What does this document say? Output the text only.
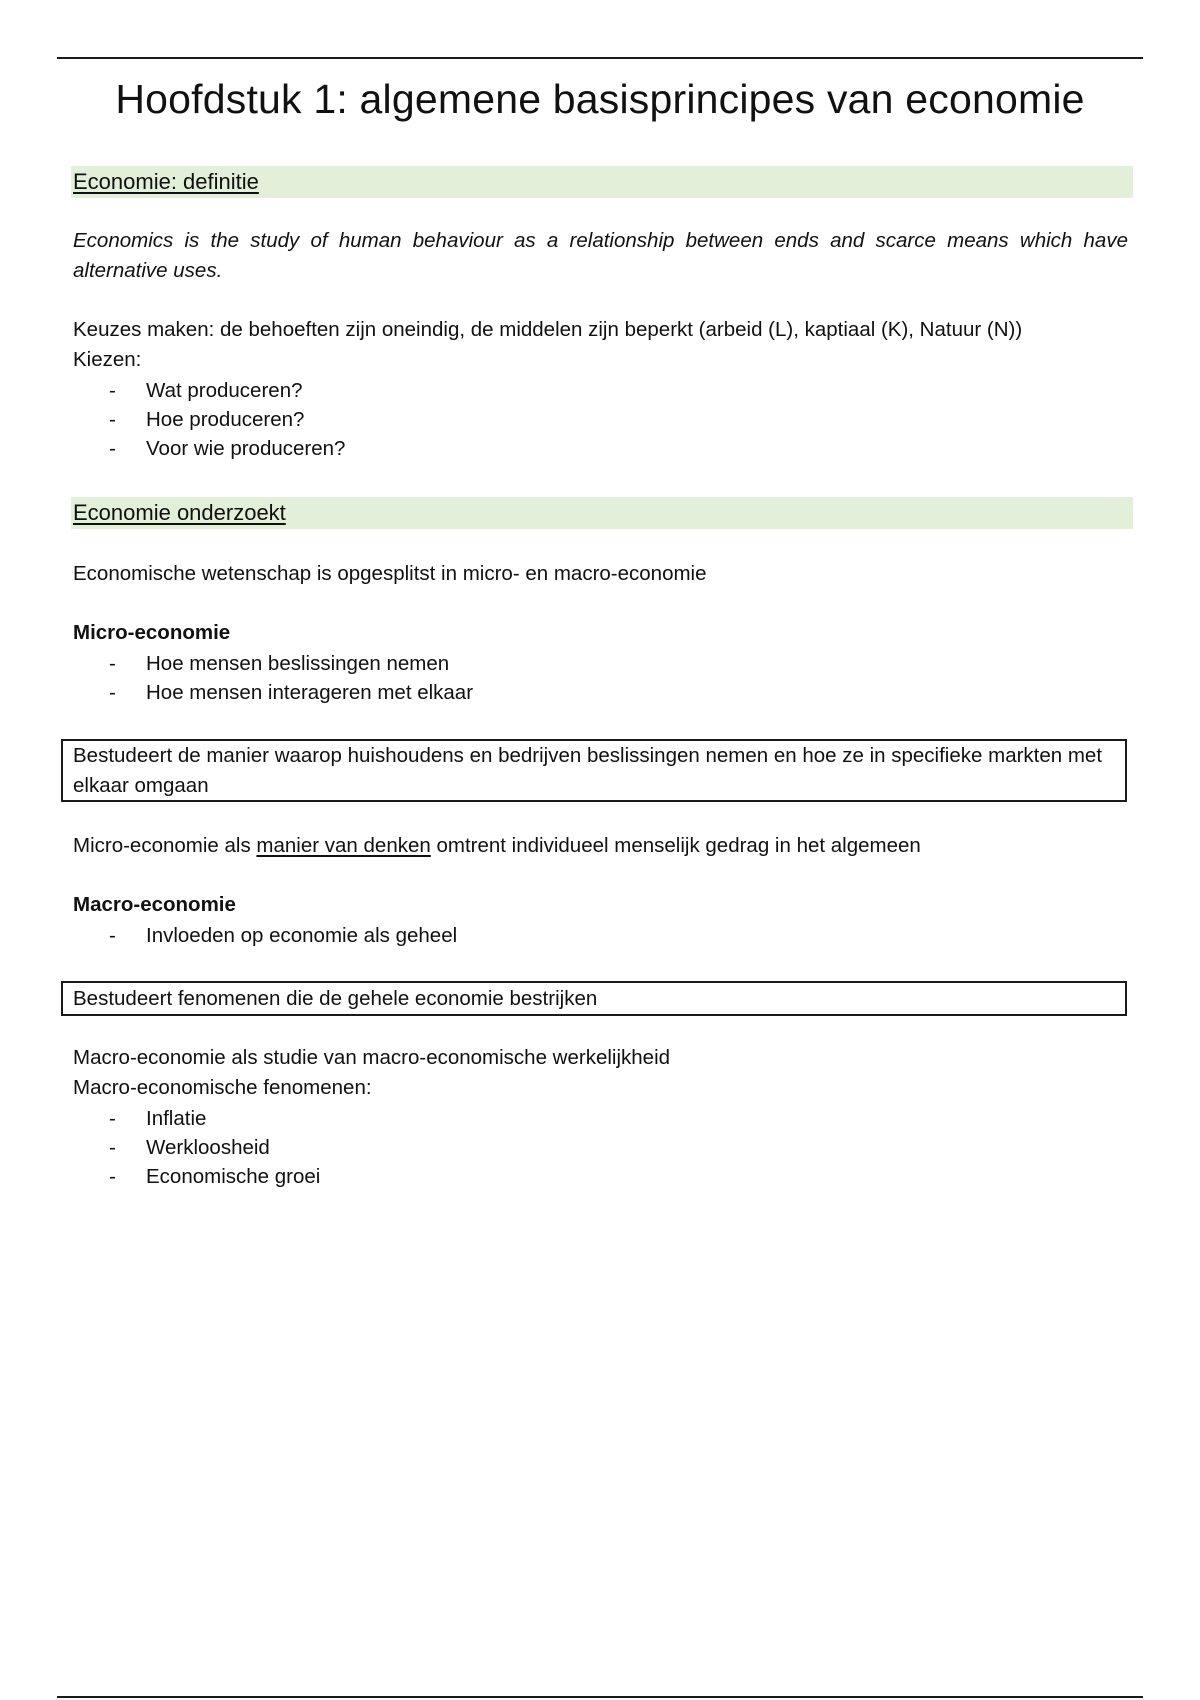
Hoofdstuk 1: algemene basisprincipes van economie
Economie: definitie
Economics is the study of human behaviour as a relationship between ends and scarce means which have alternative uses.
Keuzes maken: de behoeften zijn oneindig, de middelen zijn beperkt (arbeid (L), kaptiaal (K), Natuur (N))
Kiezen:
- Wat produceren?
- Hoe produceren?
- Voor wie produceren?
Economie onderzoekt
Economische wetenschap is opgesplitst in micro- en macro-economie
Micro-economie
- Hoe mensen beslissingen nemen
- Hoe mensen interageren met elkaar
Bestudeert de manier waarop huishoudens en bedrijven beslissingen nemen en hoe ze in specifieke markten met elkaar omgaan
Micro-economie als manier van denken omtrent individueel menselijk gedrag in het algemeen
Macro-economie
- Invloeden op economie als geheel
Bestudeert fenomenen die de gehele economie bestrijken
Macro-economie als studie van macro-economische werkelijkheid
Macro-economische fenomenen:
- Inflatie
- Werkloosheid
- Economische groei
